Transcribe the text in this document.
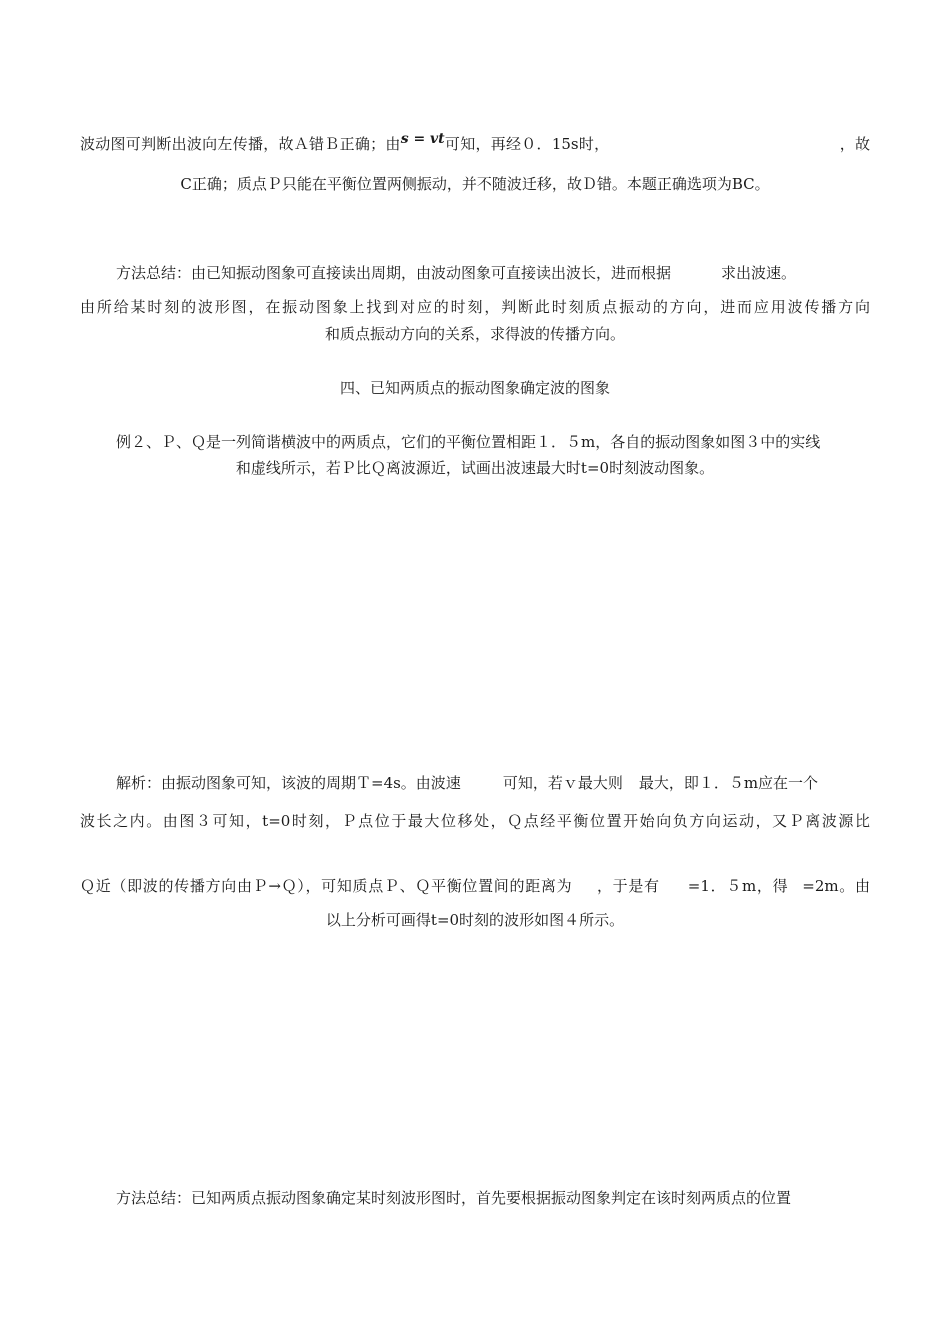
波动图可判断出波向左传播，故Ａ错Ｂ正确；由s = vt可知，再经０．15s时，	，故
C正确；质点Ｐ只能在平衡位置两侧振动，并不随波迁移，故Ｄ错。本题正确选项为BC。
方法总结：由已知振动图象可直接读出周期，由波动图象可直接读出波长，进而根据	求出波速。
由所给某时刻的波形图，在振动图象上找到对应的时刻，判断此时刻质点振动的方向，进而应用波传播方向
和质点振动方向的关系，求得波的传播方向。
四、已知两质点的振动图象确定波的图象
例２、Ｐ、Ｑ是一列简谐横波中的两质点，它们的平衡位置相距１．５m，各自的振动图象如图３中的实线
和虚线所示，若Ｐ比Ｑ离波源近，试画出波速最大时t=0时刻波动图象。
解析：由振动图象可知，该波的周期Ｔ=4s。由波速	可知，若ｖ最大则 最大，即１．５m应在一个
波长之内。由图３可知，t=0时刻，Ｐ点位于最大位移处，Ｑ点经平衡位置开始向负方向运动，又Ｐ离波源比
Ｑ近（即波的传播方向由Ｐ→Ｑ），可知质点Ｐ、Ｑ平衡位置间的距离为 ，于是有 =1．５m，得 =2m。由
以上分析可画得t=0时刻的波形如图４所示。
方法总结：已知两质点振动图象确定某时刻波形图时，首先要根据振动图象判定在该时刻两质点的位置
